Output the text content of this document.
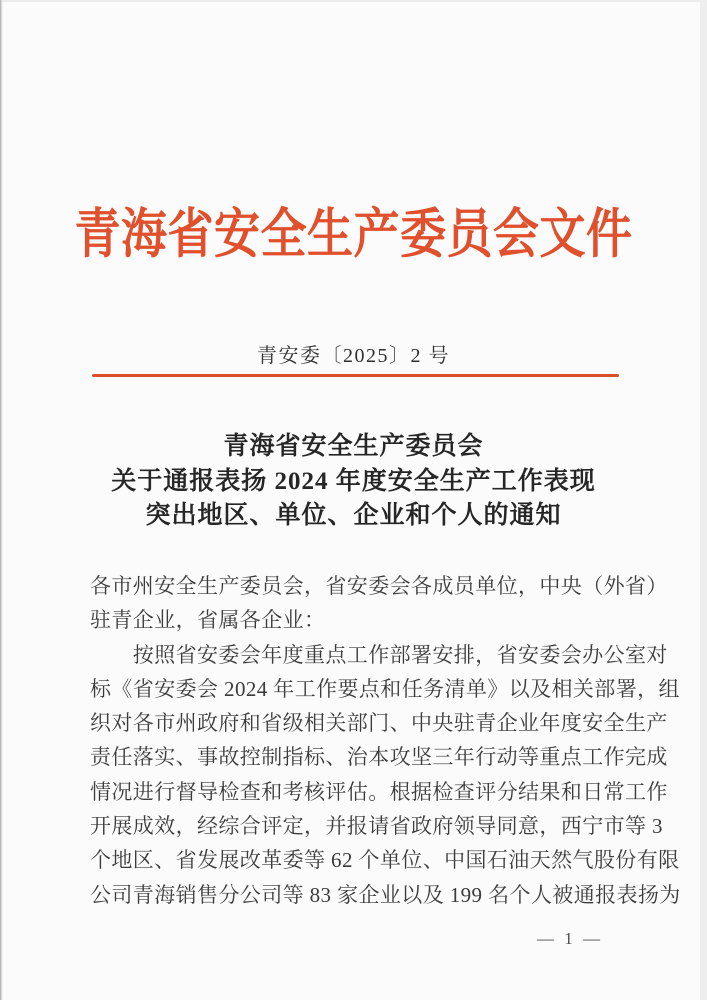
青海省安全生产委员会文件
青安委〔2025〕2 号
青海省安全生产委员会
关于通报表扬 2024 年度安全生产工作表现
突出地区、单位、企业和个人的通知
各市州安全生产委员会，省安委会各成员单位，中央（外省）
驻青企业，省属各企业：
　　按照省安委会年度重点工作部署安排，省安委会办公室对
标《省安委会 2024 年工作要点和任务清单》以及相关部署，组
织对各市州政府和省级相关部门、中央驻青企业年度安全生产
责任落实、事故控制指标、治本攻坚三年行动等重点工作完成
情况进行督导检查和考核评估。根据检查评分结果和日常工作
开展成效，经综合评定，并报请省政府领导同意，西宁市等 3
个地区、省发展改革委等 62 个单位、中国石油天然气股份有限
公司青海销售分公司等 83 家企业以及 199 名个人被通报表扬为
— 1 —
